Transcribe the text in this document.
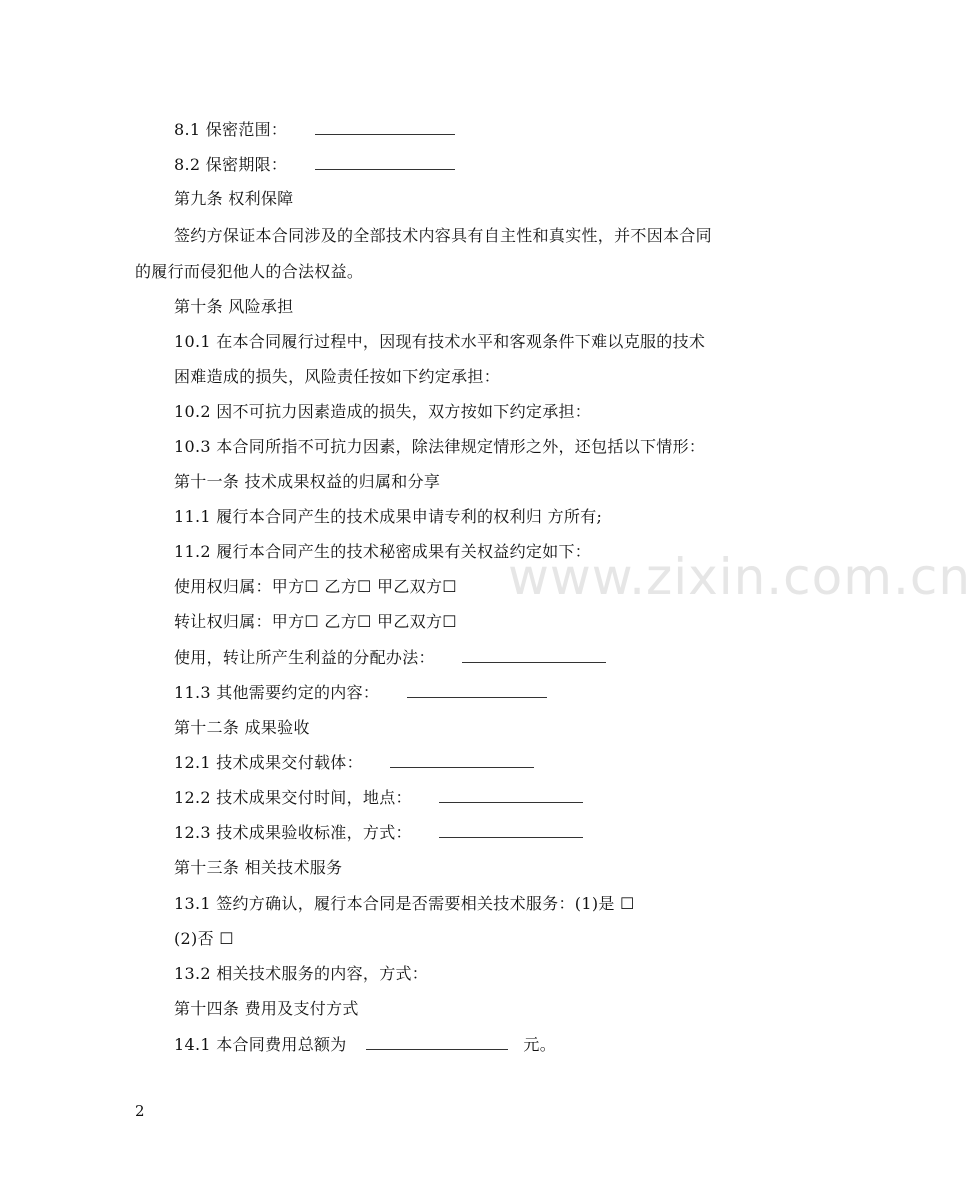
www.zixin.com.cn
8.1 保密范围：
8.2 保密期限：
第九条 权利保障
签约方保证本合同涉及的全部技术内容具有自主性和真实性，并不因本合同
的履行而侵犯他人的合法权益。
第十条 风险承担
10.1 在本合同履行过程中，因现有技术水平和客观条件下难以克服的技术
困难造成的损失，风险责任按如下约定承担：
10.2 因不可抗力因素造成的损失，双方按如下约定承担：
10.3 本合同所指不可抗力因素，除法律规定情形之外，还包括以下情形：
第十一条 技术成果权益的归属和分享
11.1 履行本合同产生的技术成果申请专利的权利归 方所有;
11.2 履行本合同产生的技术秘密成果有关权益约定如下：
使用权归属：甲方☐ 乙方☐ 甲乙双方☐
转让权归属：甲方☐ 乙方☐ 甲乙双方☐
使用，转让所产生利益的分配办法：
11.3 其他需要约定的内容：
第十二条 成果验收
12.1 技术成果交付载体：
12.2 技术成果交付时间，地点：
12.3 技术成果验收标准，方式：
第十三条 相关技术服务
13.1 签约方确认，履行本合同是否需要相关技术服务：(1)是 ☐
(2)否 ☐
13.2 相关技术服务的内容，方式：
第十四条 费用及支付方式
14.1 本合同费用总额为	元。
2
